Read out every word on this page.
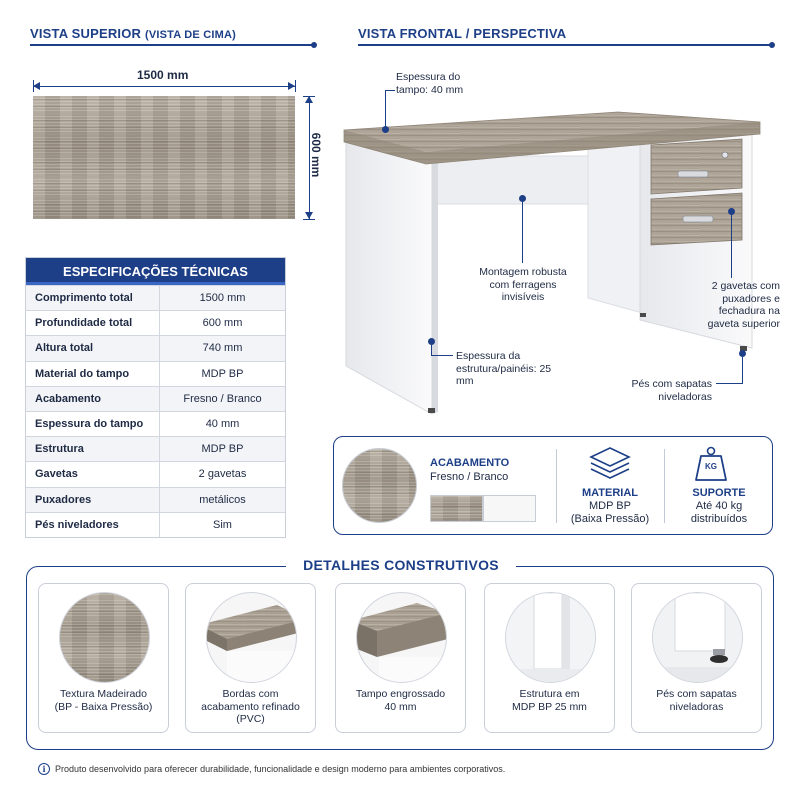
VISTA SUPERIOR (VISTA DE CIMA)
1500 mm
600 mm
ESPECIFICAÇÕES TÉCNICAS
Comprimento total	1500 mm
Profundidade total	600 mm
Altura total	740 mm
Material do tampo	MDP BP
Acabamento	Fresno / Branco
Espessura do tampo	40 mm
Estrutura	MDP BP
Gavetas	2 gavetas
Puxadores	metálicos
Pés niveladores	Sim
VISTA FRONTAL / PERSPECTIVA
Espessura do tampo: 40 mm
Montagem robusta com ferragens invisíveis
2 gavetas com puxadores e fechadura na gaveta superior
Espessura da estrutura/painéis: 25 mm	Pés com sapatas niveladoras
ACABAMENTO
Fresno / Branco
MATERIAL
MDP BP
(Baixa Pressão)
KG
SUPORTE
Até 40 kg
distribuídos
DETALHES CONSTRUTIVOS
Textura Madeirado
(BP - Baixa Pressão)
Bordas com
acabamento refinado
(PVC)
Tampo engrossado
40 mm
Estrutura em
MDP BP 25 mm
Pés com sapatas
niveladoras
i	Produto desenvolvido para oferecer durabilidade, funcionalidade e design moderno para ambientes corporativos.
